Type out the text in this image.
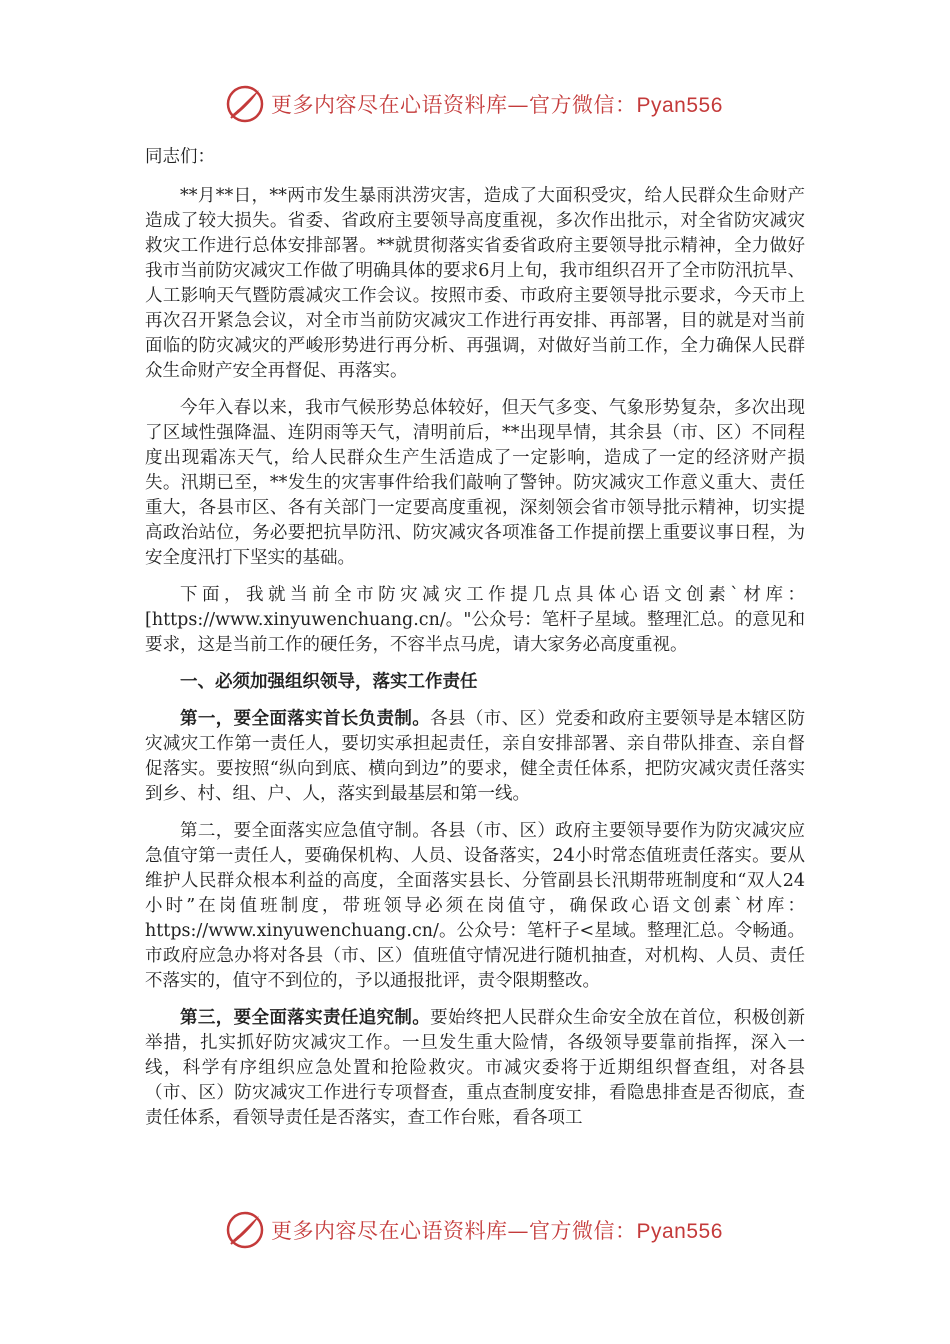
更多内容尽在心语资料库—官方微信：Pyan556

同志们：

**月**日，**两市发生暴雨洪涝灾害，造成了大面积受灾，给人民群众生命财产造成了较大损失。省委、省政府主要领导高度重视，多次作出批示，对全省防灾减灾救灾工作进行总体安排部署。**就贯彻落实省委省政府主要领导批示精神，全力做好我市当前防灾减灾工作做了明确具体的要求6月上旬，我市组织召开了全市防汛抗旱、人工影响天气暨防震减灾工作会议。按照市委、市政府主要领导批示要求，今天市上再次召开紧急会议，对全市当前防灾减灾工作进行再安排、再部署，目的就是对当前面临的防灾减灾的严峻形势进行再分析、再强调，对做好当前工作，全力确保人民群众生命财产安全再督促、再落实。

今年入春以来，我市气候形势总体较好，但天气多变、气象形势复杂，多次出现了区域性强降温、连阴雨等天气，清明前后，**出现旱情，其余县（市、区）不同程度出现霜冻天气，给人民群众生产生活造成了一定影响，造成了一定的经济财产损失。汛期已至，**发生的灾害事件给我们敲响了警钟。防灾减灾工作意义重大、责任重大，各县市区、各有关部门一定要高度重视，深刻领会省市领导批示精神，切实提高政治站位，务必要把抗旱防汛、防灾减灾各项准备工作提前摆上重要议事日程，为安全度汛打下坚实的基础。

下面，我就当前全市防灾减灾工作提几点具体心语文创素`材库：[https://www.xinyuwenchuang.cn/。"公众号：笔杆子星域。整理汇总。的意见和要求，这是当前工作的硬任务，不容半点马虎，请大家务必高度重视。

一、必须加强组织领导，落实工作责任

第一，要全面落实首长负责制。各县（市、区）党委和政府主要领导是本辖区防灾减灾工作第一责任人，要切实承担起责任，亲自安排部署、亲自带队排查、亲自督促落实。要按照“纵向到底、横向到边”的要求，健全责任体系，把防灾减灾责任落实到乡、村、组、户、人，落实到最基层和第一线。

第二，要全面落实应急值守制。各县（市、区）政府主要领导要作为防灾减灾应急值守第一责任人，要确保机构、人员、设备落实，24小时常态值班责任落实。要从维护人民群众根本利益的高度，全面落实县长、分管副县长汛期带班制度和“双人24小时”在岗值班制度，带班领导必须在岗值守，确保政心语文创素`材库：https://www.xinyuwenchuang.cn/。公众号：笔杆子<星域。整理汇总。令畅通。市政府应急办将对各县（市、区）值班值守情况进行随机抽查，对机构、人员、责任不落实的，值守不到位的，予以通报批评，责令限期整改。

第三，要全面落实责任追究制。要始终把人民群众生命安全放在首位，积极创新举措，扎实抓好防灾减灾工作。一旦发生重大险情，各级领导要靠前指挥，深入一线，科学有序组织应急处置和抢险救灾。市减灾委将于近期组织督查组，对各县（市、区）防灾减灾工作进行专项督查，重点查制度安排，看隐患排查是否彻底，查责任体系，看领导责任是否落实，查工作台账，看各项工

更多内容尽在心语资料库—官方微信：Pyan556
